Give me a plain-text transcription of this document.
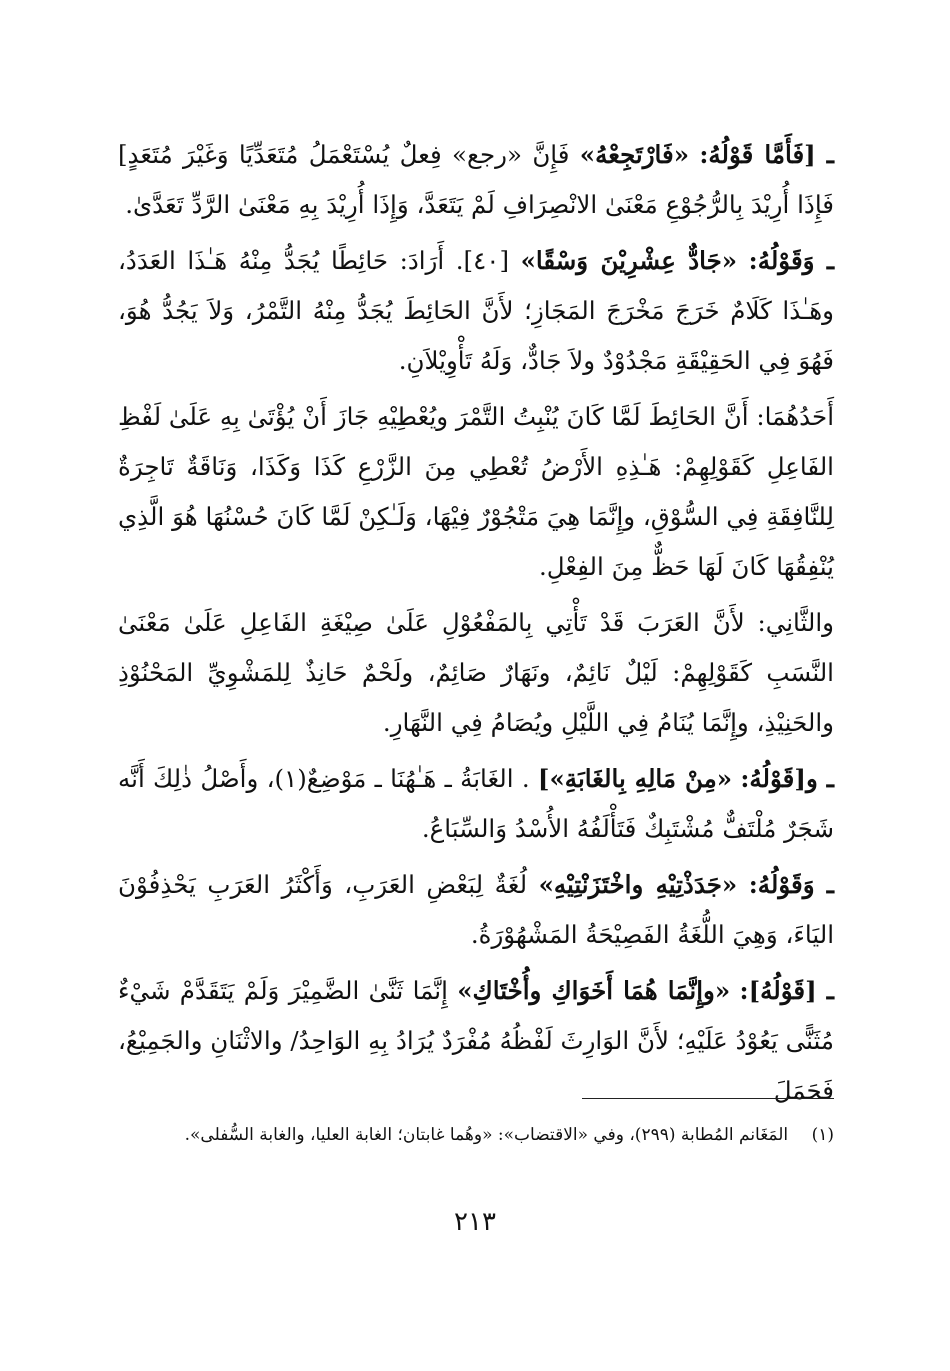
ـ [فَأَمَّا قَوْلُهُ: «فَارْتَجِعْهُ» فَإِنَّ «رجع» فِعلٌ يُسْتَعْمَلُ مُتَعَدِّيًا وَغَيْرَ مُتَعَدٍ] فَإِذَا أُرِيْدَ بِالرُّجُوْعِ مَعْنَىٰ الانْصِرَافِ لَمْ يَتَعَدَّ، وَإِذَا أُرِيْدَ بِهِ مَعْنَىٰ الرَّدِّ تَعَدَّىٰ.

ـ وَقَوْلُهُ: «جَادٌّ عِشْرِيْنَ وَسْقًا» [٤٠]. أَرَادَ: حَائِطًا يُجَدُّ مِنْهُ هَـٰذَا العَدَدُ، وهَـٰذَا كَلَامٌ خَرَجَ مَخْرَجَ المَجَازِ؛ لأَنَّ الحَائِطَ يُجَدُّ مِنْهُ التَّمْرُ، وَلاَ يَجُدُّ هُوَ، فَهُوَ فِي الحَقِيْقَةِ مَجْدُوْدٌ ولاَ جَادٌّ، وَلَهُ تَأْوِيْلاَنِ.

أَحَدُهُمَا: أَنَّ الحَائِطَ لَمَّا كَانَ يُنْبِتُ التَّمْرَ ويُعْطِيْهِ جَازَ أَنْ يُؤْتَىٰ بِهِ عَلَىٰ لَفْظِ الفَاعِلِ كَقَوْلِهِمْ: هَـٰذِهِ الأَرْضُ تُعْطِي مِنَ الزَّرْعِ كَذَا وَكَذَا، وَنَاقَةٌ تَاجِرَةٌ لِلنَّافِقَةِ فِي السُّوْقِ، وإِنَّمَا هِيَ مَتْجُوْرٌ فِيْهَا، وَلَـٰكِنْ لَمَّا كَانَ حُسْنُهَا هُوَ الَّذِي يُنْفِقُهَا كَانَ لَهَا حَظٌّ مِنَ الفِعْلِ.

والثَّانِي: لأَنَّ العَرَبَ قَدْ تَأْتِي بِالمَفْعُوْلِ عَلَىٰ صِيْغَةِ الفَاعِلِ عَلَىٰ مَعْنَىٰ النَّسَبِ كَقَوْلِهِمْ: لَيْلٌ نَائِمٌ، ونَهَارٌ صَائِمٌ، ولَحْمٌ حَانِذٌ لِلمَشْوِيِّ المَحْنُوْذِ والحَنِيْذِ، وإِنَّمَا يُنَامُ فِي اللَّيْلِ ويُصَامُ فِي النَّهَارِ.

ـ و[قَوْلُهُ: «مِنْ مَالِهِ بِالغَابَةِ»] . الغَابَةُ ـ هَـٰهُنَا ـ مَوْضِعٌ(١)، وأَصْلُ ذٰلِكَ أَنَّه شَجَرٌ مُلْتَفٌّ مُشْتَبِكٌ فَتَأْلَفُهُ الأُسْدُ وَالسِّبَاعُ.

ـ وَقَوْلُهُ: «جَدَذْتِيْهِ واخْتَزَنْتِيْهِ» لُغَةٌ لِبَعْضِ العَرَبِ، وَأَكْثَرُ العَرَبِ يَحْذِفُوْنَ اليَاءَ، وَهِيَ اللُّغَةُ الفَصِيْحَةُ المَشْهُوْرَةُ.

ـ [قَوْلُهُ]: «وإِنَّمَا هُمَا أَخَوَاكِ وأُخْتَاكِ» إِنَّمَا ثَنَّىٰ الضَّمِيْرَ وَلَمْ يَتَقَدَّمْ شَيْءٌ مُثَنًّى يَعُوْدُ عَلَيْهِ؛ لأَنَّ الوَارِثَ لَفْظُهُ مُفْرَدٌ يُرَادُ بِهِ الوَاحِدُ/ والاثْنَانِ والجَمِيْعُ، فَحَمَلَ

(١) المَغَانم المُطابة (٢٩٩)، وفي «الاقتضاب»: «وهُما غابتان؛ الغابة العليا، والغابة السُّفلى».
٢١٣
